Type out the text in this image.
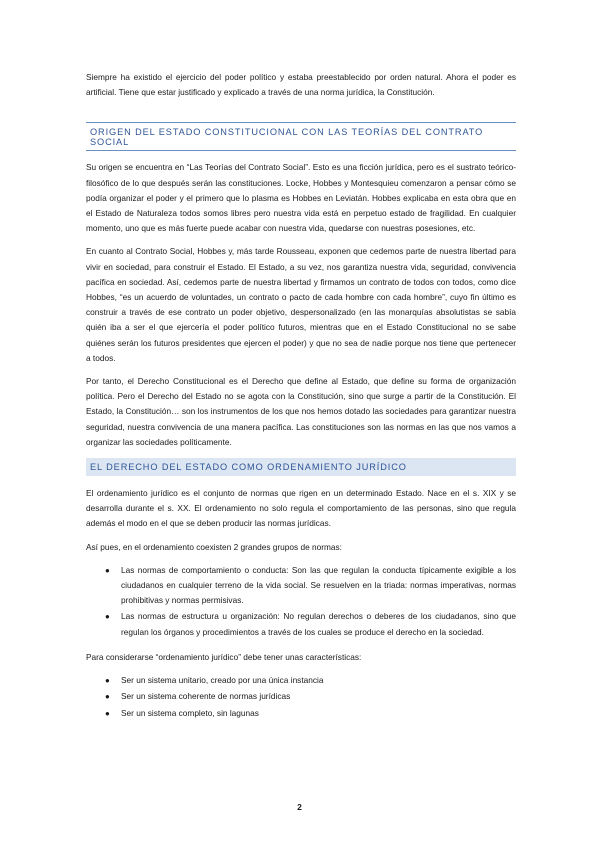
Siempre ha existido el ejercicio del poder político y estaba preestablecido por orden natural. Ahora el poder es artificial. Tiene que estar justificado y explicado a través de una norma jurídica, la Constitución.

ORIGEN DEL ESTADO CONSTITUCIONAL CON LAS TEORÍAS DEL CONTRATO SOCIAL

Su origen se encuentra en “Las Teorías del Contrato Social”. Esto es una ficción jurídica, pero es el sustrato teórico-filosófico de lo que después serán las constituciones. Locke, Hobbes y Montesquieu comenzaron a pensar cómo se podía organizar el poder y el primero que lo plasma es Hobbes en Leviatán. Hobbes explicaba en esta obra que en el Estado de Naturaleza todos somos libres pero nuestra vida está en perpetuo estado de fragilidad. En cualquier momento, uno que es más fuerte puede acabar con nuestra vida, quedarse con nuestras posesiones, etc.

En cuanto al Contrato Social, Hobbes y, más tarde Rousseau, exponen que cedemos parte de nuestra libertad para vivir en sociedad, para construir el Estado. El Estado, a su vez, nos garantiza nuestra vida, seguridad, convivencia pacífica en sociedad. Así, cedemos parte de nuestra libertad y firmamos un contrato de todos con todos, como dice Hobbes, “es un acuerdo de voluntades, un contrato o pacto de cada hombre con cada hombre”, cuyo fin último es construir a través de ese contrato un poder objetivo, despersonalizado (en las monarquías absolutistas se sabía quién iba a ser el que ejercería el poder político futuros, mientras que en el Estado Constitucional no se sabe quiénes serán los futuros presidentes que ejercen el poder) y que no sea de nadie porque nos tiene que pertenecer a todos.

Por tanto, el Derecho Constitucional es el Derecho que define al Estado, que define su forma de organización política. Pero el Derecho del Estado no se agota con la Constitución, sino que surge a partir de la Constitución. El Estado, la Constitución… son los instrumentos de los que nos hemos dotado las sociedades para garantizar nuestra seguridad, nuestra convivencia de una manera pacífica. Las constituciones son las normas en las que nos vamos a organizar las sociedades políticamente.

EL DERECHO DEL ESTADO COMO ORDENAMIENTO JURÍDICO

El ordenamiento jurídico es el conjunto de normas que rigen en un determinado Estado. Nace en el s. XIX y se desarrolla durante el s. XX. El ordenamiento no solo regula el comportamiento de las personas, sino que regula además el modo en el que se deben producir las normas jurídicas.

Así pues, en el ordenamiento coexisten 2 grandes grupos de normas:

● Las normas de comportamiento o conducta: Son las que regulan la conducta típicamente exigible a los ciudadanos en cualquier terreno de la vida social. Se resuelven en la triada: normas imperativas, normas prohibitivas y normas permisivas.
● Las normas de estructura u organización: No regulan derechos o deberes de los ciudadanos, sino que regulan los órganos y procedimientos a través de los cuales se produce el derecho en la sociedad.

Para considerarse “ordenamiento jurídico” debe tener unas características:

● Ser un sistema unitario, creado por una única instancia
● Ser un sistema coherente de normas jurídicas
● Ser un sistema completo, sin lagunas
2
